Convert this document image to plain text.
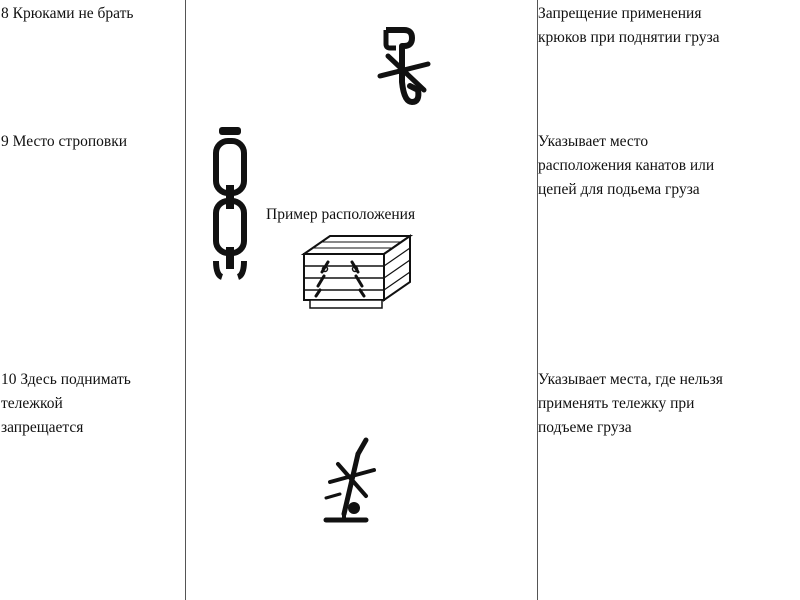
8 Крюками не брать	Запрещение применения
крюков при поднятии груза
9 Место строповки	Указывает место
расположения канатов или
цепей для подьема груза
Пример расположения
10 Здесь поднимать
тележкой
запрещается
Указывает места, где нельзя
применять тележку при
подъеме груза
